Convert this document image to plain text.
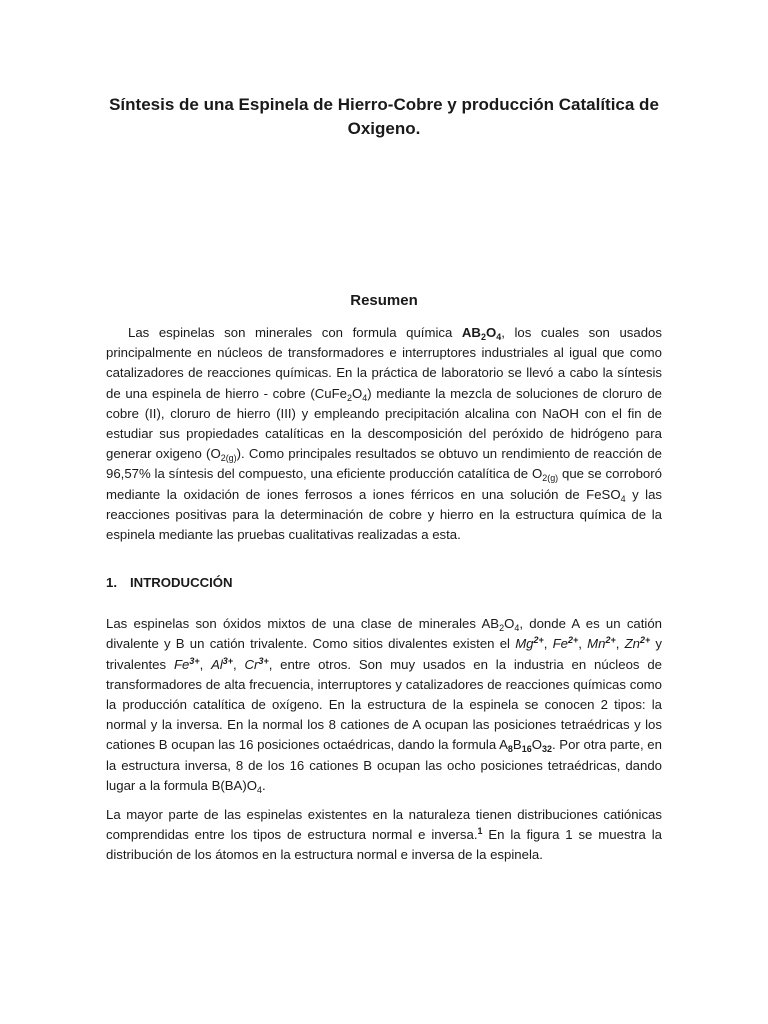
Síntesis de una Espinela de Hierro-Cobre y producción Catalítica de Oxigeno.
Resumen

Las espinelas son minerales con formula química $AB_2O_4$, los cuales son usados principalmente en núcleos de transformadores e interruptores industriales al igual que como catalizadores de reacciones químicas. En la práctica de laboratorio se llevó a cabo la síntesis de una espinela de hierro - cobre $(CuFe_2O_4)$ mediante la mezcla de soluciones de cloruro de cobre (II), cloruro de hierro (III) y empleando precipitación alcalina con NaOH con el fin de estudiar sus propiedades catalíticas en la descomposición del peróxido de hidrógeno para generar oxigeno $(O_{2(g)})$. Como principales resultados se obtuvo un rendimiento de reacción de 96,57% la síntesis del compuesto, una eficiente producción catalítica de $O_{2(g)}$ que se corroboró mediante la oxidación de iones ferrosos a iones férricos en una solución de FeSO$_4$ y las reacciones positivas para la determinación de cobre y hierro en la estructura química de la espinela mediante las pruebas cualitativas realizadas a esta.

1. INTRODUCCIÓN

Las espinelas son óxidos mixtos de una clase de minerales $AB_2O_4$, donde A es un catión divalente y B un catión trivalente. Como sitios divalentes existen el $Mg^{2+}$, $Fe^{2+}$, $Mn^{2+}$, $Zn^{2+}$ y trivalentes $Fe^{3+}$, $Al^{3+}$, $Cr^{3+}$, entre otros. Son muy usados en la industria en núcleos de transformadores de alta frecuencia, interruptores y catalizadores de reacciones químicas como la producción catalítica de oxígeno. En la estructura de la espinela se conocen 2 tipos: la normal y la inversa. En la normal los 8 cationes de A ocupan las posiciones tetraédricas y los cationes B ocupan las 16 posiciones octaédricas, dando la formula $A_8B_{16}O_{32}$. Por otra parte, en la estructura inversa, 8 de los 16 cationes B ocupan las ocho posiciones tetraédricas, dando lugar a la formula $B(BA)O_4$.

La mayor parte de las espinelas existentes en la naturaleza tienen distribuciones catiónicas comprendidas entre los tipos de estructura normal e inversa.$^1$ En la figura 1 se muestra la distribución de los átomos en la estructura normal e inversa de la espinela.
